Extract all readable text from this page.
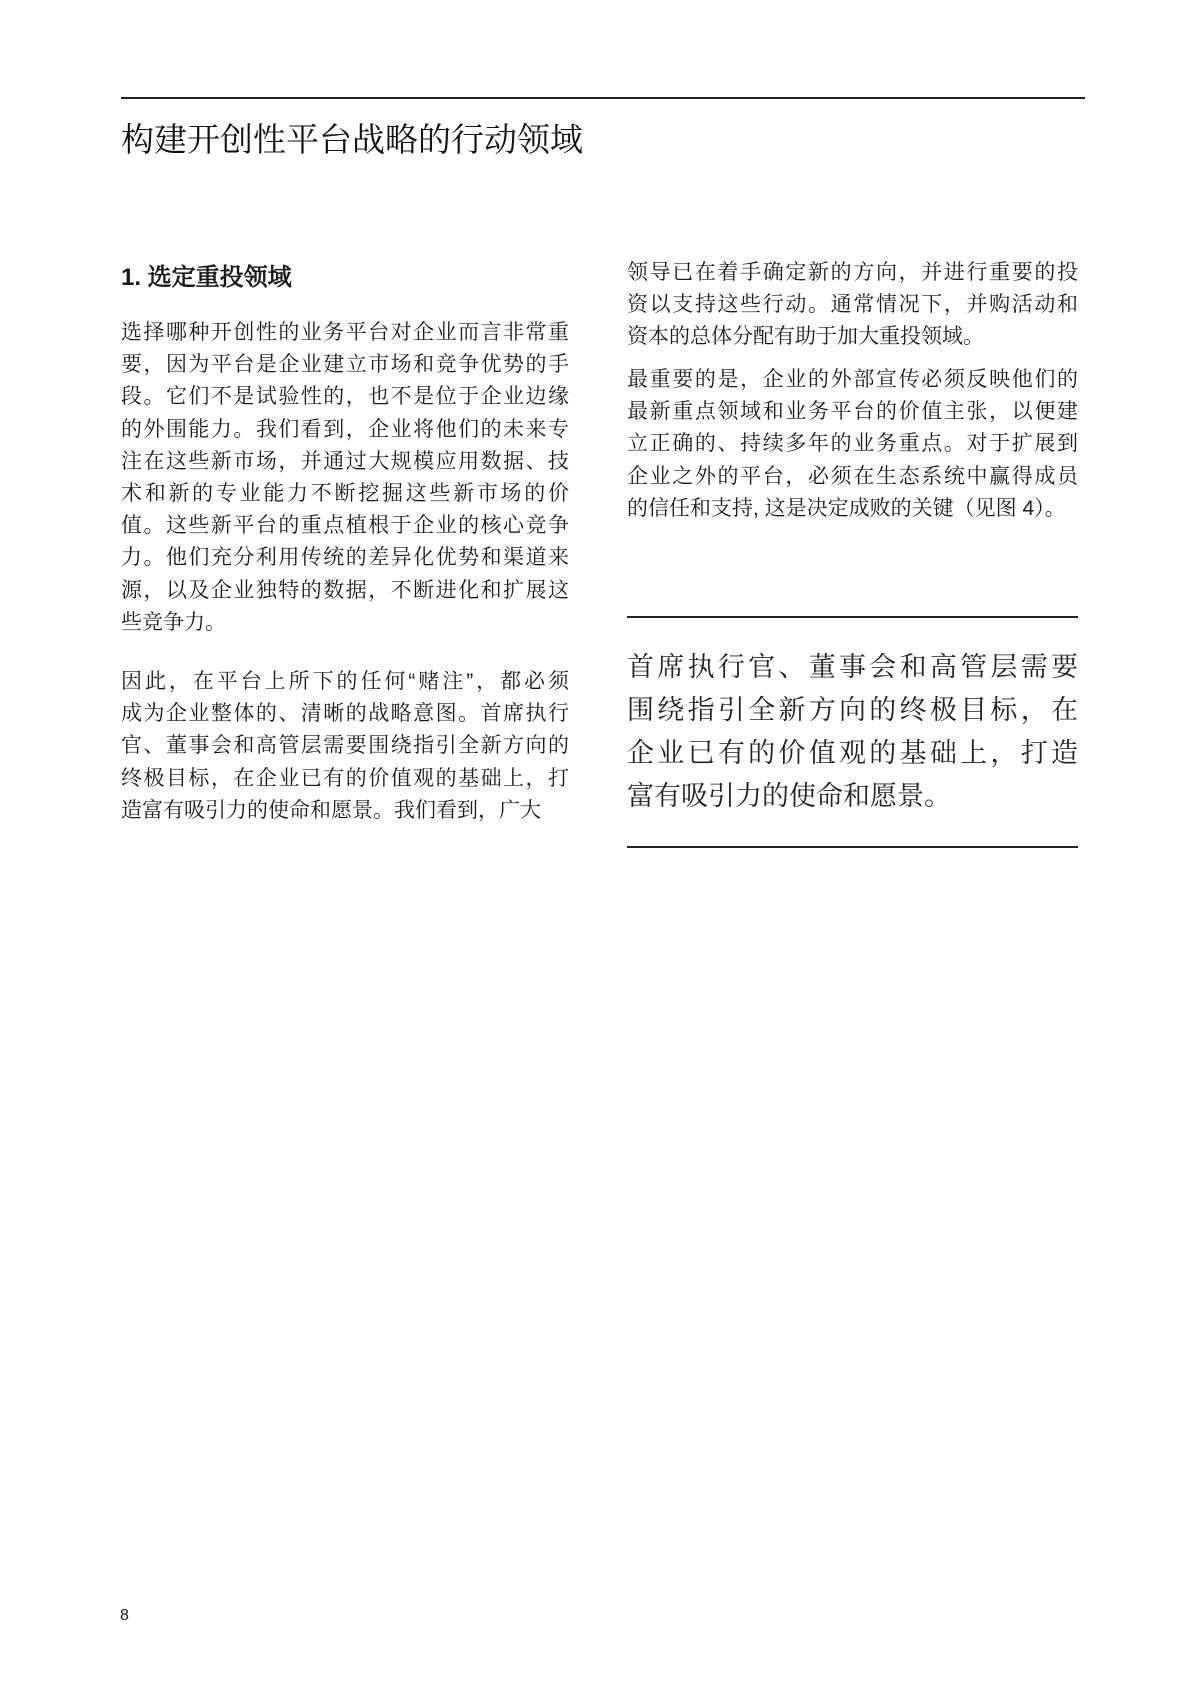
构建开创性平台战略的行动领域
1. 选定重投领域
选择哪种开创性的业务平台对企业而言非常重
要，因为平台是企业建立市场和竞争优势的手
段。它们不是试验性的，也不是位于企业边缘
的外围能力。我们看到，企业将他们的未来专
注在这些新市场，并通过大规模应用数据、技
术和新的专业能力不断挖掘这些新市场的价
值。这些新平台的重点植根于企业的核心竞争
力。他们充分利用传统的差异化优势和渠道来
源，以及企业独特的数据，不断进化和扩展这
些竞争力。
因此，在平台上所下的任何“赌注”，都必须
成为企业整体的、清晰的战略意图。首席执行
官、董事会和高管层需要围绕指引全新方向的
终极目标，在企业已有的价值观的基础上，打
造富有吸引力的使命和愿景。我们看到，广大
领导已在着手确定新的方向，并进行重要的投
资以支持这些行动。通常情况下，并购活动和
资本的总体分配有助于加大重投领域。
最重要的是，企业的外部宣传必须反映他们的
最新重点领域和业务平台的价值主张，以便建
立正确的、持续多年的业务重点。对于扩展到
企业之外的平台，必须在生态系统中赢得成员
的信任和支持, 这是决定成败的关键（见图 4）。
首席执行官、董事会和高管层需要
围绕指引全新方向的终极目标，在
企业已有的价值观的基础上，打造
富有吸引力的使命和愿景。
8
